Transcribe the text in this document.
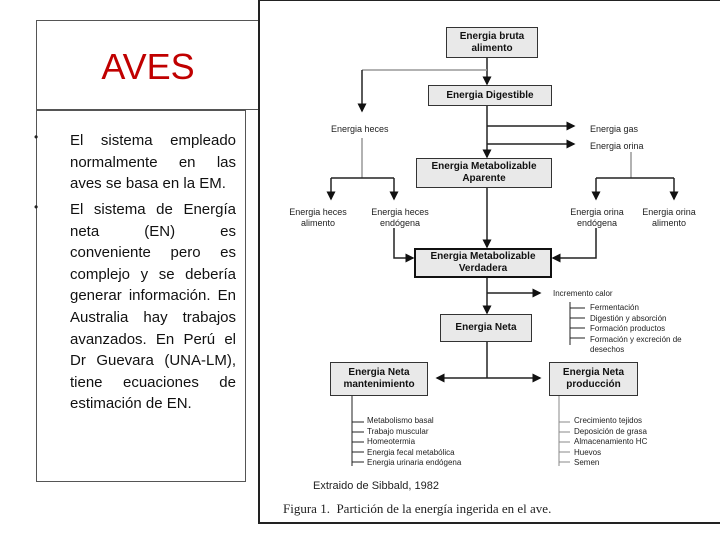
AVES
• El sistema empleado normalmente en las aves se basa en la EM.
• El sistema de Energía neta (EN) es conveniente pero es complejo y se debería generar información. En Australia hay trabajos avanzados. En Perú el Dr Guevara (UNA-LM), tiene ecuaciones de estimación de EN.
Energia bruta alimento
Energia Digestible
Energia heces	Energia gas
Energia orina
Energia Metabolizable Aparente
Energia heces alimento
Energia heces endógena
Energia orina endógena
Energia orina alimento
Energia Metabolizable Verdadera
Incremento calor
Fermentación
Digestión y absorción
Formación productos
Formación y excreción de desechos
Energia Neta
Energia Neta mantenimiento
Energia Neta producción
Metabolismo basal
Trabajo muscular
Homeotermia
Energia fecal metabólica
Energia urinaria endógena
Crecimiento tejidos
Deposición de grasa
Almacenamiento HC
Huevos
Semen
Extraido de Sibbald, 1982
Figura 1.  Partición de la energía ingerida en el ave.
